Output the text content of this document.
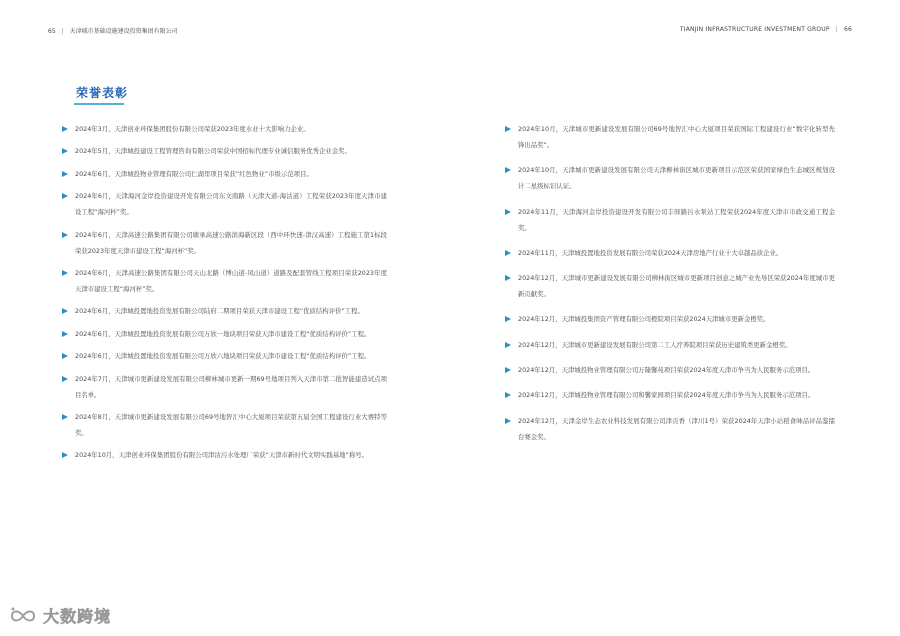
65 | 天津城市基础设施建设投资集团有限公司	TIANJIN INFRASTRUCTURE INVESTMENT GROUP | 66
荣誉表彰
2024年3月，天津创业环保集团股份有限公司荣获2023年度水业十大影响力企业。
2024年5月，天津城投建设工程管理咨询有限公司荣获中国招标代理专业诚信服务优秀企业金奖。
2024年6月，天津城投物业管理有限公司仁湖里项目荣获“红色物业”市级示范项目。
2024年6月，天津海河金岸投资建设开发有限公司东文南路（天津大道-海沽道）工程荣获2023年度天津市建设工程“海河杯”奖。
2024年6月，天津高速公路集团有限公司塘承高速公路滨海新区段（西中环快速-津汉高速）工程施工第1标段荣获2023年度天津市建设工程“海河杯”奖。
2024年6月，天津高速公路集团有限公司天山北路（博山道-凤山道）道路及配套管线工程项目荣获2023年度天津市建设工程“海河杯”奖。
2024年6月，天津城投置地投资发展有限公司陆府二期项目荣获天津市建设工程“优质结构评价”工程。
2024年6月，天津城投置地投资发展有限公司万欣一地块项目荣获天津市建设工程“优质结构评价”工程。
2024年6月，天津城投置地投资发展有限公司万欣六地块项目荣获天津市建设工程“优质结构评价”工程。
2024年7月，天津城市更新建设发展有限公司柳林城市更新一期69号地项目列入天津市第二批智能建造试点项目名单。
2024年8月，天津城市更新建设发展有限公司69号地智汇中心大厦项目荣获第五届全国工程建设行业大赛特等奖。
2024年10月，天津创业环保集团股份有限公司津沽污水处理厂荣获“天津市新时代文明实践基地”称号。
2024年10月，天津城市更新建设发展有限公司69号地智汇中心大厦项目荣获国际工程建设行业“数字化转型先锋出品奖”。
2024年10月，天津城市更新建设发展有限公司天津柳林街区城市更新项目示范区荣获国家绿色生态城区规划设计二星级标识认证。
2024年11月，天津海河金岸投资建设开发有限公司丰驿路污水泵站工程荣获2024年度天津市市政交通工程金奖。
2024年11月，天津城投置地投资发展有限公司荣获2024天津房地产行业十大卓越品质企业。
2024年12月，天津城市更新建设发展有限公司柳林街区城市更新项目创意之城产业先导区荣获2024年度城市更新贡献奖。
2024年12月，天津城投集团资产管理有限公司橙院项目荣获2024天津城市更新金橙奖。
2024年12月，天津城市更新建设发展有限公司第二工人疗养院项目荣获历史建筑类更新金橙奖。
2024年12月，天津城投物业管理有限公司万隆馨苑项目荣获2024年度天津市争当为人民服务示范项目。
2024年12月，天津城投物业管理有限公司和馨家园项目荣获2024年度天津市争当为人民服务示范项目。
2024年12月，天津金岸生态农业科技发展有限公司津贡香（津川1号）荣获2024年天津小站稻食味品评品鉴擂台赛金奖。
大数跨境
